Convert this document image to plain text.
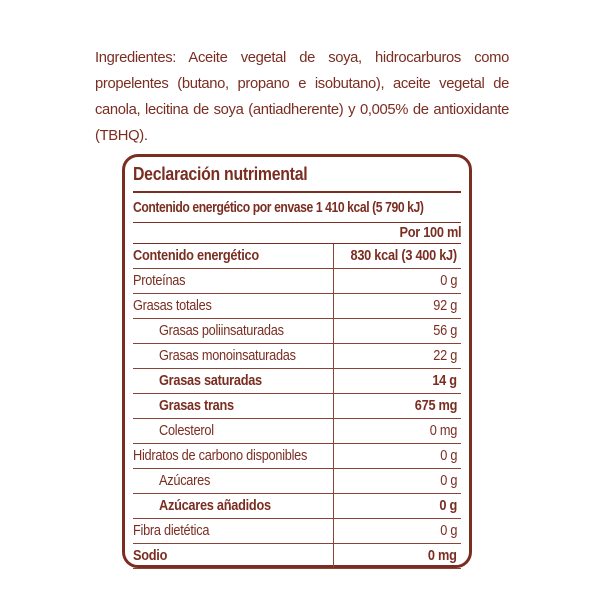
Ingredientes: Aceite vegetal de soya, hidrocarburos como propelentes (butano, propano e isobutano), aceite vegetal de canola, lecitina de soya (antiadherente) y 0,005% de antioxidante (TBHQ).

Declaración nutrimental
Contenido energético por envase 1 410 kcal (5 790 kJ)
Por 100 ml
Contenido energético	830 kcal (3 400 kJ)
Proteínas	0 g
Grasas totales	92 g
Grasas poliinsaturadas	56 g
Grasas monoinsaturadas	22 g
Grasas saturadas	14 g
Grasas trans	675 mg
Colesterol	0 mg
Hidratos de carbono disponibles	0 g
Azúcares	0 g
Azúcares añadidos	0 g
Fibra dietética	0 g
Sodio	0 mg
